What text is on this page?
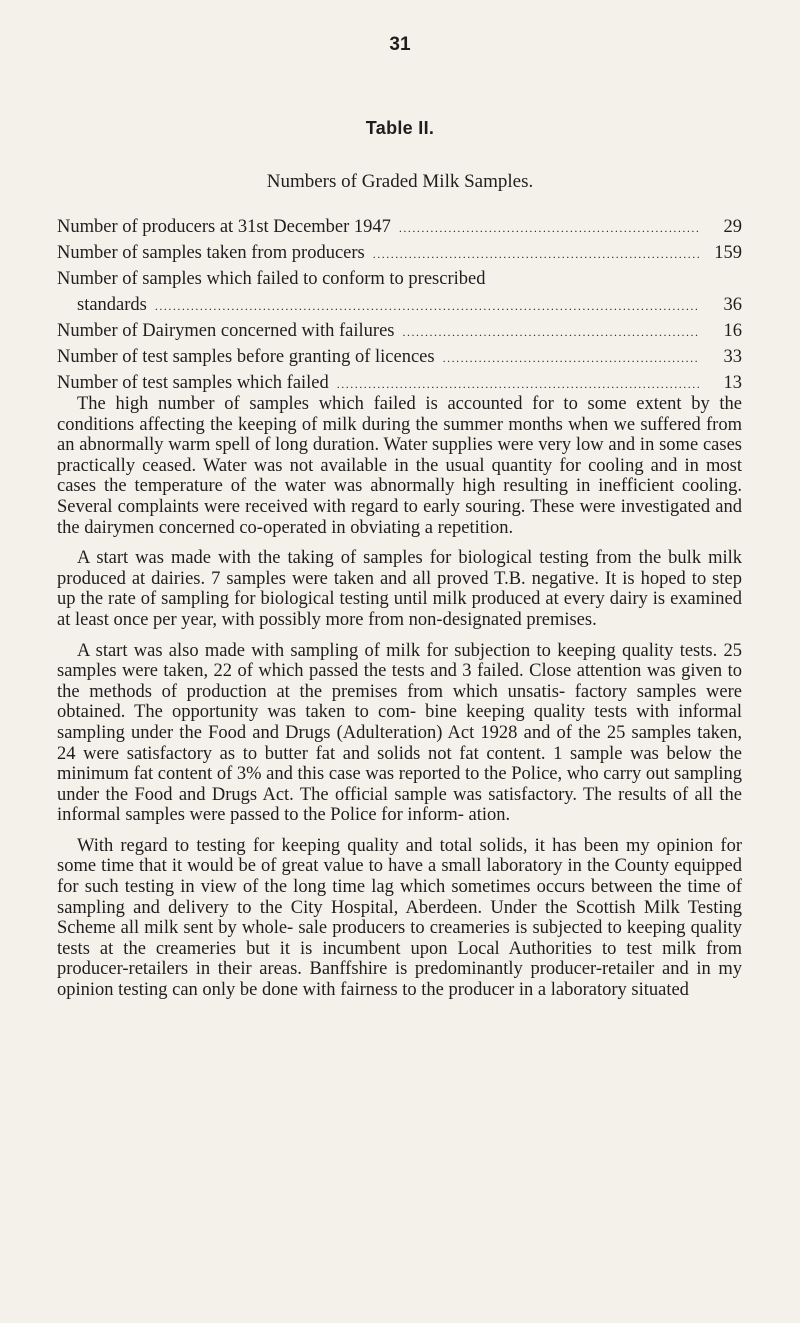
31
Table II.
Numbers of Graded Milk Samples.
Number of producers at 31st December 1947 .....	29
Number of samples taken from producers .....	159
Number of samples which failed to conform to prescribed
standards .....	36
Number of Dairymen concerned with failures .....	16
Number of test samples before granting of licences .....	33
Number of test samples which failed .....	13

The high number of samples which failed is accounted for to some extent by the conditions affecting the keeping of milk during the summer months when we suffered from an abnormally warm spell of long duration. Water supplies were very low and in some cases practically ceased. Water was not available in the usual quantity for cooling and in most cases the temperature of the water was abnormally high resulting in inefficient cooling. Several complaints were received with regard to early souring. These were investigated and the dairymen concerned co-operated in obviating a repetition.

A start was made with the taking of samples for biological testing from the bulk milk produced at dairies. 7 samples were taken and all proved T.B. negative. It is hoped to step up the rate of sampling for biological testing until milk produced at every dairy is examined at least once per year, with possibly more from non-designated premises.

A start was also made with sampling of milk for subjection to keeping quality tests. 25 samples were taken, 22 of which passed the tests and 3 failed. Close attention was given to the methods of production at the premises from which unsatis- factory samples were obtained. The opportunity was taken to com- bine keeping quality tests with informal sampling under the Food and Drugs (Adulteration) Act 1928 and of the 25 samples taken, 24 were satisfactory as to butter fat and solids not fat content. 1 sample was below the minimum fat content of 3% and this case was reported to the Police, who carry out sampling under the Food and Drugs Act. The official sample was satisfactory. The results of all the informal samples were passed to the Police for inform- ation.

With regard to testing for keeping quality and total solids, it has been my opinion for some time that it would be of great value to have a small laboratory in the County equipped for such testing in view of the long time lag which sometimes occurs between the time of sampling and delivery to the City Hospital, Aberdeen. Under the Scottish Milk Testing Scheme all milk sent by whole- sale producers to creameries is subjected to keeping quality tests at the creameries but it is incumbent upon Local Authorities to test milk from producer-retailers in their areas. Banffshire is predominantly producer-retailer and in my opinion testing can only be done with fairness to the producer in a laboratory situated
